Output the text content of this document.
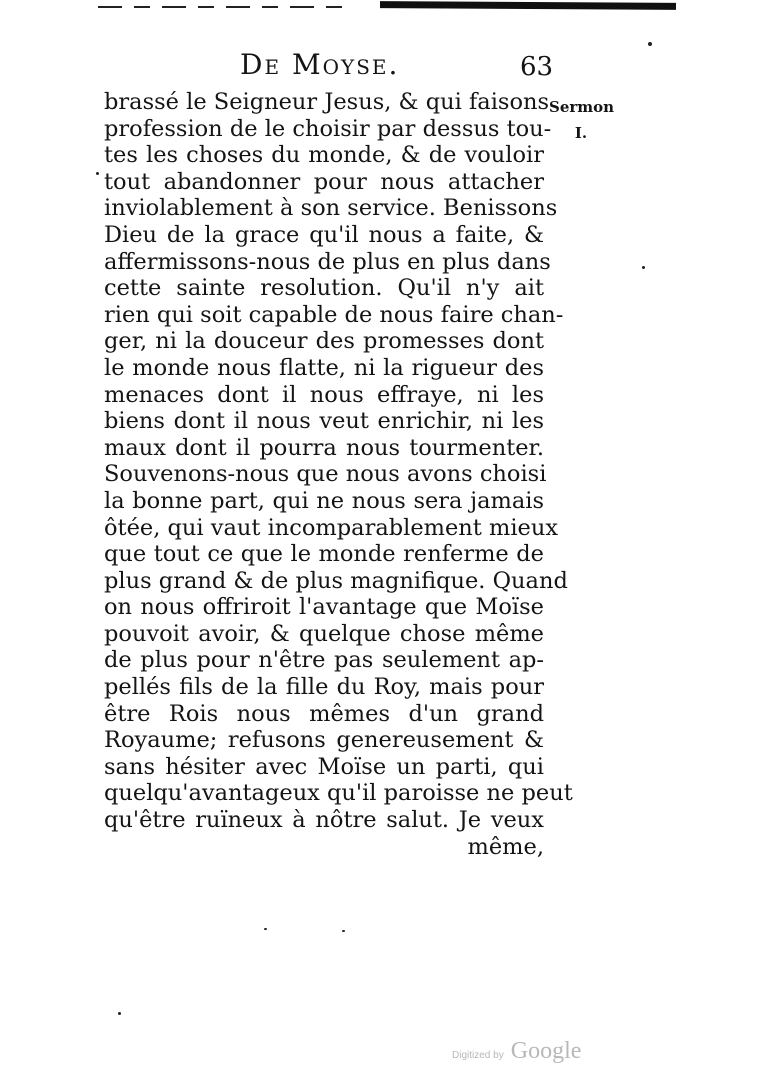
De Moyse.	63
Sermon
I.
brassé le Seigneur Jesus, & qui faisons
profession de le choisir par dessus tou-
tes les choses du monde, & de vouloir
tout abandonner pour nous attacher
inviolablement à son service. Benissons
Dieu de la grace qu'il nous a faite, &
affermissons-nous de plus en plus dans
cette sainte resolution. Qu'il n'y ait
rien qui soit capable de nous faire chan-
ger, ni la douceur des promesses dont
le monde nous flatte, ni la rigueur des
menaces dont il nous effraye, ni les
biens dont il nous veut enrichir, ni les
maux dont il pourra nous tourmenter.
Souvenons-nous que nous avons choisi
la bonne part, qui ne nous sera jamais
ôtée, qui vaut incomparablement mieux
que tout ce que le monde renferme de
plus grand & de plus magnifique. Quand
on nous offriroit l'avantage que Moïse
pouvoit avoir, & quelque chose même
de plus pour n'être pas seulement ap-
pellés fils de la fille du Roy, mais pour
être Rois nous mêmes d'un grand
Royaume; refusons genereusement &
sans hésiter avec Moïse un parti, qui
quelqu'avantageux qu'il paroisse ne peut
qu'être ruïneux à nôtre salut. Je veux
même,
Digitized by Google
